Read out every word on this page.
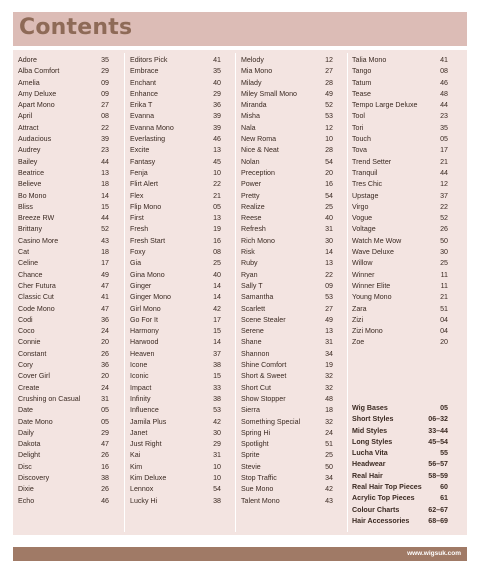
Contents
Adore	35
Alba Comfort	29
Amelia	09
Amy Deluxe	09
Apart Mono	27
April	08
Attract	22
Audacious	39
Audrey	23
Bailey	44
Beatrice	13
Believe	18
Bo Mono	14
Bliss	15
Breeze RW	44
Brittany	52
Casino More	43
Cat	18
Celine	17
Chance	49
Cher Futura	47
Classic Cut	41
Code Mono	47
Codi	36
Coco	24
Connie	20
Constant	26
Cory	36
Cover Girl	20
Create	24
Crushing on Casual	31
Date	05
Date Mono	05
Daily	29
Dakota	47
Delight	26
Disc	16
Discovery	38
Dixie	26
Echo	46
Editors Pick	41
Embrace	35
Enchant	40
Enhance	29
Erika T	36
Evanna	39
Evanna Mono	39
Everlasting	46
Excite	13
Fantasy	45
Fenja	10
Flirt Alert	22
Flex	21
Flip Mono	05
First	13
Fresh	19
Fresh Start	16
Foxy	08
Gia	25
Gina Mono	40
Ginger	14
Ginger Mono	14
Girl Mono	42
Go For It	17
Harmony	15
Harwood	14
Heaven	37
Icone	38
Iconic	15
Impact	33
Infinity	38
Influence	53
Jamila Plus	42
Janet	30
Just Right	29
Kai	31
Kim	10
Kim Deluxe	10
Lennox	54
Lucky Hi	38
Melody	12
Mia Mono	27
Milady	28
Miley Small Mono	49
Miranda	52
Misha	53
Nala	12
New Roma	10
Nice & Neat	28
Nolan	54
Preception	20
Power	16
Pretty	54
Realize	25
Reese	40
Refresh	31
Rich Mono	30
Risk	14
Ruby	13
Ryan	22
Sally T	09
Samantha	53
Scarlett	27
Scene Stealer	49
Serene	13
Shane	31
Shannon	34
Shine Comfort	19
Short & Sweet	32
Short Cut	32
Show Stopper	48
Sierra	18
Something Special	32
Spring Hi	24
Spotlight	51
Sprite	25
Stevie	50
Stop Traffic	34
Sue Mono	42
Talent Mono	43
Talia Mono	41
Tango	08
Tatum	46
Tease	48
Tempo Large Deluxe	44
Tool	23
Tori	35
Touch	05
Tova	17
Trend Setter	21
Tranquil	44
Tres Chic	12
Upstage	37
Virgo	22
Vogue	52
Voltage	26
Watch Me Wow	50
Wave Deluxe	30
Willow	25
Winner	11
Winner Elite	11
Young Mono	21
Zara	51
Zizi	04
Zizi Mono	04
Zoe	20
Wig Bases	05
Short Styles	06–32
Mid Styles	33–44
Long Styles	45–54
Lucha Vita	55
Headwear	56–57
Real Hair	58–59
Real Hair Top Pieces	60
Acrylic Top Pieces	61
Colour Charts	62–67
Hair Accessories	68–69
www.wigsuk.com
